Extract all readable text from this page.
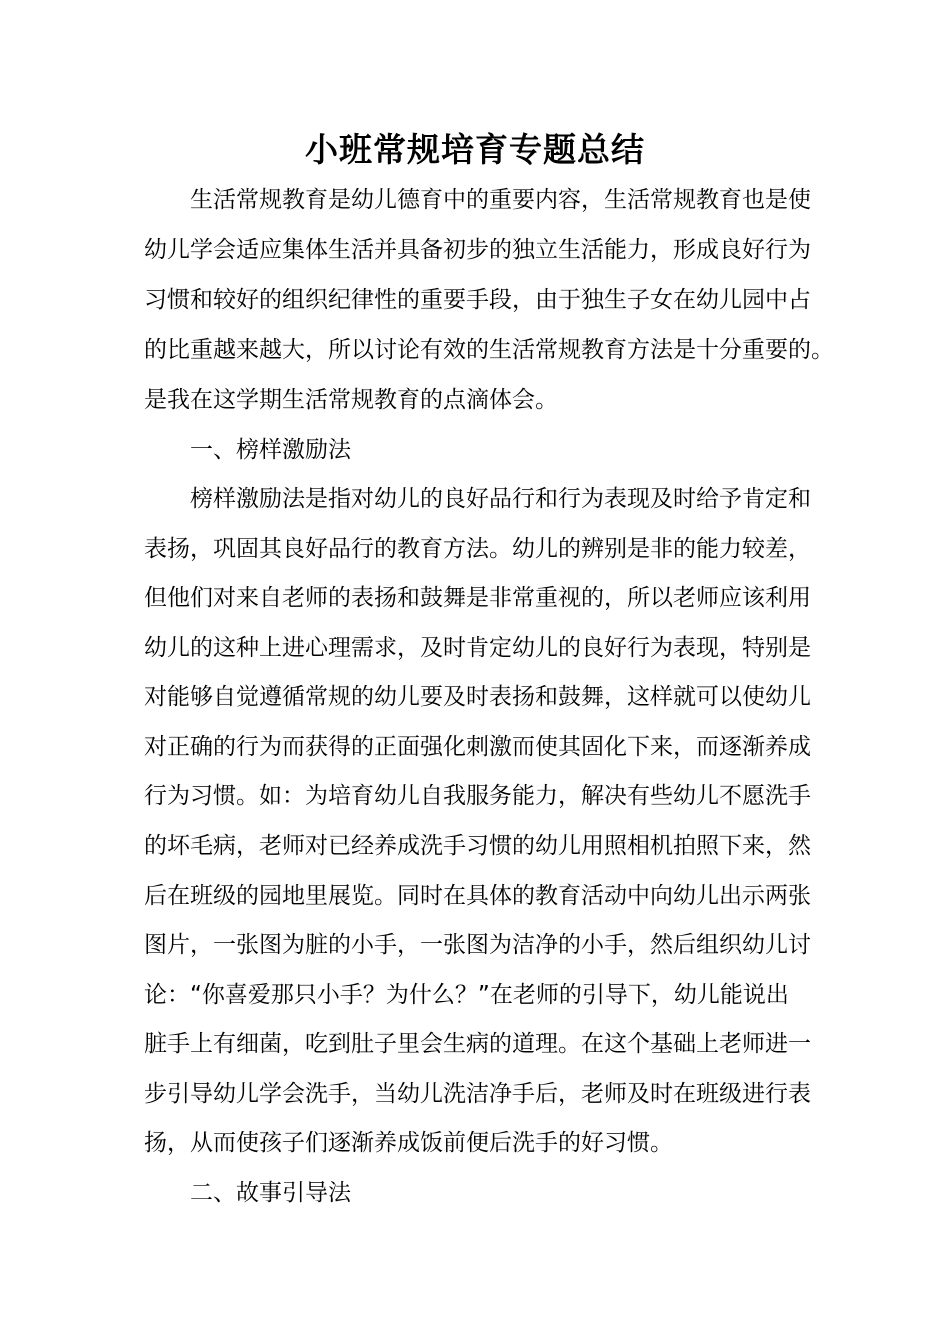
小班常规培育专题总结

　　生活常规教育是幼儿德育中的重要内容，生活常规教育也是使

幼儿学会适应集体生活并具备初步的独立生活能力，形成良好行为

习惯和较好的组织纪律性的重要手段，由于独生子女在幼儿园中占

的比重越来越大，所以讨论有效的生活常规教育方法是十分重要的。

是我在这学期生活常规教育的点滴体会。

　　一、榜样激励法

　　榜样激励法是指对幼儿的良好品行和行为表现及时给予肯定和

表扬，巩固其良好品行的教育方法。幼儿的辨别是非的能力较差，

但他们对来自老师的表扬和鼓舞是非常重视的，所以老师应该利用

幼儿的这种上进心理需求，及时肯定幼儿的良好行为表现，特别是

对能够自觉遵循常规的幼儿要及时表扬和鼓舞，这样就可以使幼儿

对正确的行为而获得的正面强化刺激而使其固化下来，而逐渐养成

行为习惯。如：为培育幼儿自我服务能力，解决有些幼儿不愿洗手

的坏毛病，老师对已经养成洗手习惯的幼儿用照相机拍照下来，然

后在班级的园地里展览。同时在具体的教育活动中向幼儿出示两张

图片，一张图为脏的小手，一张图为洁净的小手，然后组织幼儿讨

论：“你喜爱那只小手？为什么？”在老师的引导下，幼儿能说出

脏手上有细菌，吃到肚子里会生病的道理。在这个基础上老师进一

步引导幼儿学会洗手，当幼儿洗洁净手后，老师及时在班级进行表

扬，从而使孩子们逐渐养成饭前便后洗手的好习惯。

　　二、故事引导法
